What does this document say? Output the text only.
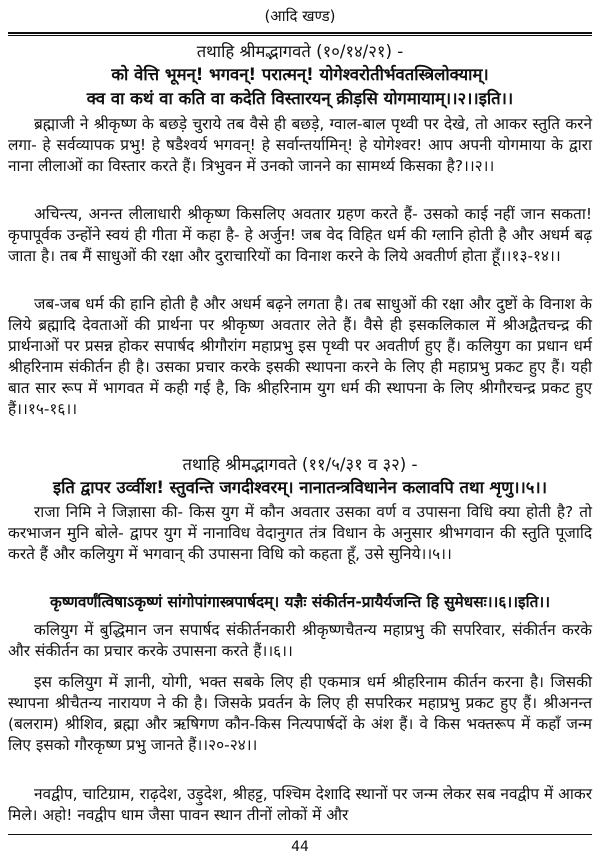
(आदि खण्ड)
तथाहि श्रीमद्भागवते (१०/१४/२१) -
को वेत्ति भूमन्! भगवन्! परात्मन्! योगेश्वरोतीर्भवतस्त्रिलोक्याम्।
क्व वा कथं वा कति वा कदेति विस्तारयन् क्रीड़सि योगमायाम्।।२।।इति।।
ब्रह्माजी ने श्रीकृष्ण के बछड़े चुराये तब वैसे ही बछड़े, ग्वाल-बाल पृथ्वी पर देखे, तो आकर स्तुति करने लगा- हे सर्वव्यापक प्रभु! हे षडैश्वर्य भगवन्! हे सर्वान्तर्यामिन्! हे योगेश्वर! आप अपनी योगमाया के द्वारा नाना लीलाओं का विस्तार करते हैं। त्रिभुवन में उनको जानने का सामर्थ्य किसका है?।।२।।
अचिन्त्य, अनन्त लीलाधारी श्रीकृष्ण किसलिए अवतार ग्रहण करते हैं- उसको काई नहीं जान सकता! कृपापूर्वक उन्होंने स्वयं ही गीता में कहा है- हे अर्जुन! जब वेद विहित धर्म की ग्लानि होती है और अधर्म बढ़ जाता है। तब मैं साधुओं की रक्षा और दुराचारियों का विनाश करने के लिये अवतीर्ण होता हूँ।।१३-१४।।
जब-जब धर्म की हानि होती है और अधर्म बढ़ने लगता है। तब साधुओं की रक्षा और दुष्टों के विनाश के लिये ब्रह्मादि देवताओं की प्रार्थना पर श्रीकृष्ण अवतार लेते हैं। वैसे ही इसकलिकाल में श्रीअद्वैतचन्द्र की प्रार्थनाओं पर प्रसन्न होकर सपार्षद श्रीगौरांग महाप्रभु इस पृथ्वी पर अवतीर्ण हुए हैं। कलियुग का प्रधान धर्म श्रीहरिनाम संकीर्तन ही है। उसका प्रचार करके इसकी स्थापना करने के लिए ही महाप्रभु प्रकट हुए हैं। यही बात सार रूप में भागवत में कही गई है, कि श्रीहरिनाम युग धर्म की स्थापना के लिए श्रीगौरचन्द्र प्रकट हुए हैं।।१५-१६।।
तथाहि श्रीमद्भागवते (११/५/३१ व ३२) -
इति द्वापर उर्व्वीश! स्तुवन्ति जगदीश्वरम्। नानातन्त्रविधानेन कलावपि तथा शृणु।।५।।
राजा निमि ने जिज्ञासा की- किस युग में कौन अवतार उसका वर्ण व उपासना विधि क्या होती है? तो करभाजन मुनि बोले- द्वापर युग में नानाविध वेदानुगत तंत्र विधान के अनुसार श्रीभगवान की स्तुति पूजादि करते हैं और कलियुग में भगवान् की उपासना विधि को कहता हूँ, उसे सुनिये।।५।।
कृष्णवर्णंत्विषाऽकृष्णं सांगोपांगास्त्रपार्षदम्। यज्ञैः संकीर्तन-प्रायैर्यजन्ति हि सुमेधसः।।६।।इति।।
कलियुग में बुद्धिमान जन सपार्षद संकीर्तनकारी श्रीकृष्णचैतन्य महाप्रभु की सपरिवार, संकीर्तन करके और संकीर्तन का प्रचार करके उपासना करते हैं।।६।।
इस कलियुग में ज्ञानी, योगी, भक्त सबके लिए ही एकमात्र धर्म श्रीहरिनाम कीर्तन करना है। जिसकी स्थापना श्रीचैतन्य नारायण ने की है। जिसके प्रवर्तन के लिए ही सपरिकर महाप्रभु प्रकट हुए हैं। श्रीअनन्त (बलराम) श्रीशिव, ब्रह्मा और ऋषिगण कौन-किस नित्यपार्षदों के अंश हैं। वे किस भक्तरूप में कहाँ जन्म लिए इसको गौरकृष्ण प्रभु जानते हैं।।२०-२४।।
नवद्वीप, चाटिग्राम, राढ़देश, उड़ुदेश, श्रीहट्ट, पश्चिम देशादि स्थानों पर जन्म लेकर सब नवद्वीप में आकर मिले। अहो! नवद्वीप धाम जैसा पावन स्थान तीनों लोकों में और
44
